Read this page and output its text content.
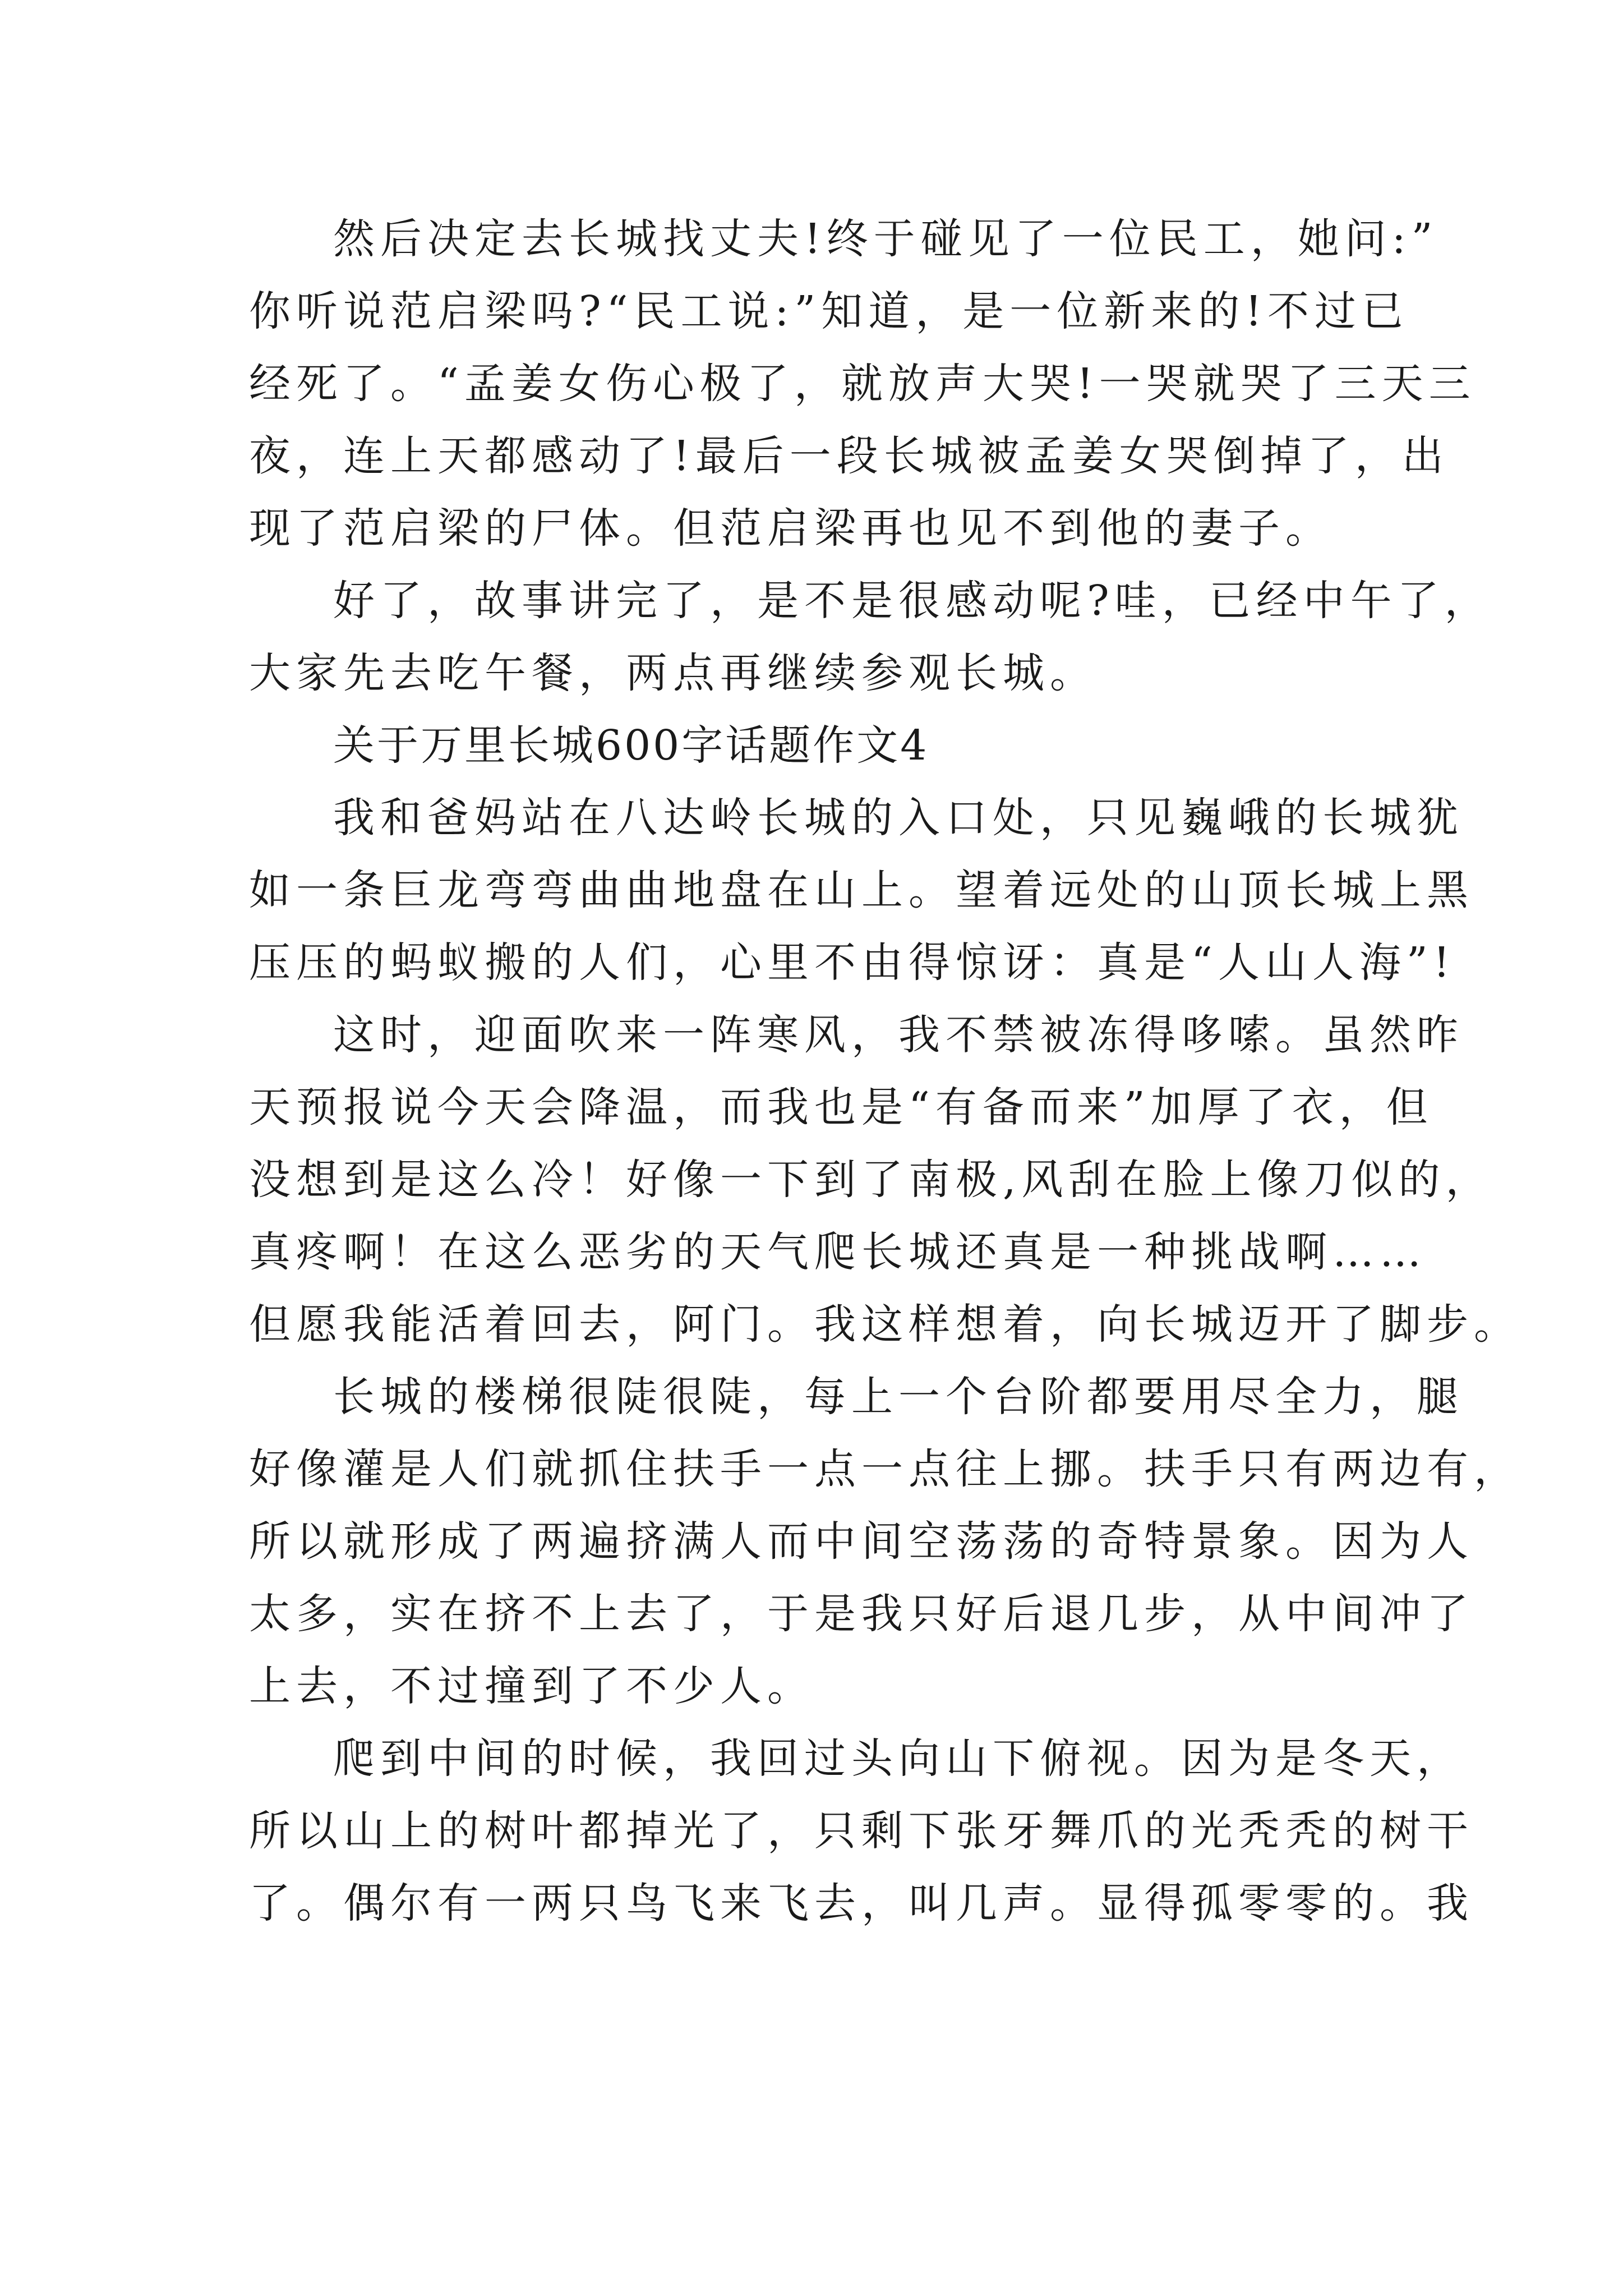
然后决定去长城找丈夫!终于碰见了一位民工，她问:”
你听说范启梁吗?“民工说:”知道，是一位新来的!不过已
经死了。“孟姜女伤心极了，就放声大哭!一哭就哭了三天三
夜，连上天都感动了!最后一段长城被孟姜女哭倒掉了，出
现了范启梁的尸体。但范启梁再也见不到他的妻子。
好了，故事讲完了，是不是很感动呢?哇，已经中午了，
大家先去吃午餐，两点再继续参观长城。
关于万里长城600字话题作文4
我和爸妈站在八达岭长城的入口处，只见巍峨的长城犹
如一条巨龙弯弯曲曲地盘在山上。望着远处的山顶长城上黑
压压的蚂蚁搬的人们，心里不由得惊讶：真是“人山人海”!
这时，迎面吹来一阵寒风，我不禁被冻得哆嗦。虽然昨
天预报说今天会降温，而我也是“有备而来”加厚了衣，但
没想到是这么冷！好像一下到了南极,风刮在脸上像刀似的，
真疼啊！在这么恶劣的天气爬长城还真是一种挑战啊……
但愿我能活着回去，阿门。我这样想着，向长城迈开了脚步。
长城的楼梯很陡很陡，每上一个台阶都要用尽全力，腿
好像灌是人们就抓住扶手一点一点往上挪。扶手只有两边有，
所以就形成了两遍挤满人而中间空荡荡的奇特景象。因为人
太多，实在挤不上去了，于是我只好后退几步，从中间冲了
上去，不过撞到了不少人。
爬到中间的时候，我回过头向山下俯视。因为是冬天，
所以山上的树叶都掉光了，只剩下张牙舞爪的光秃秃的树干
了。偶尔有一两只鸟飞来飞去，叫几声。显得孤零零的。我
